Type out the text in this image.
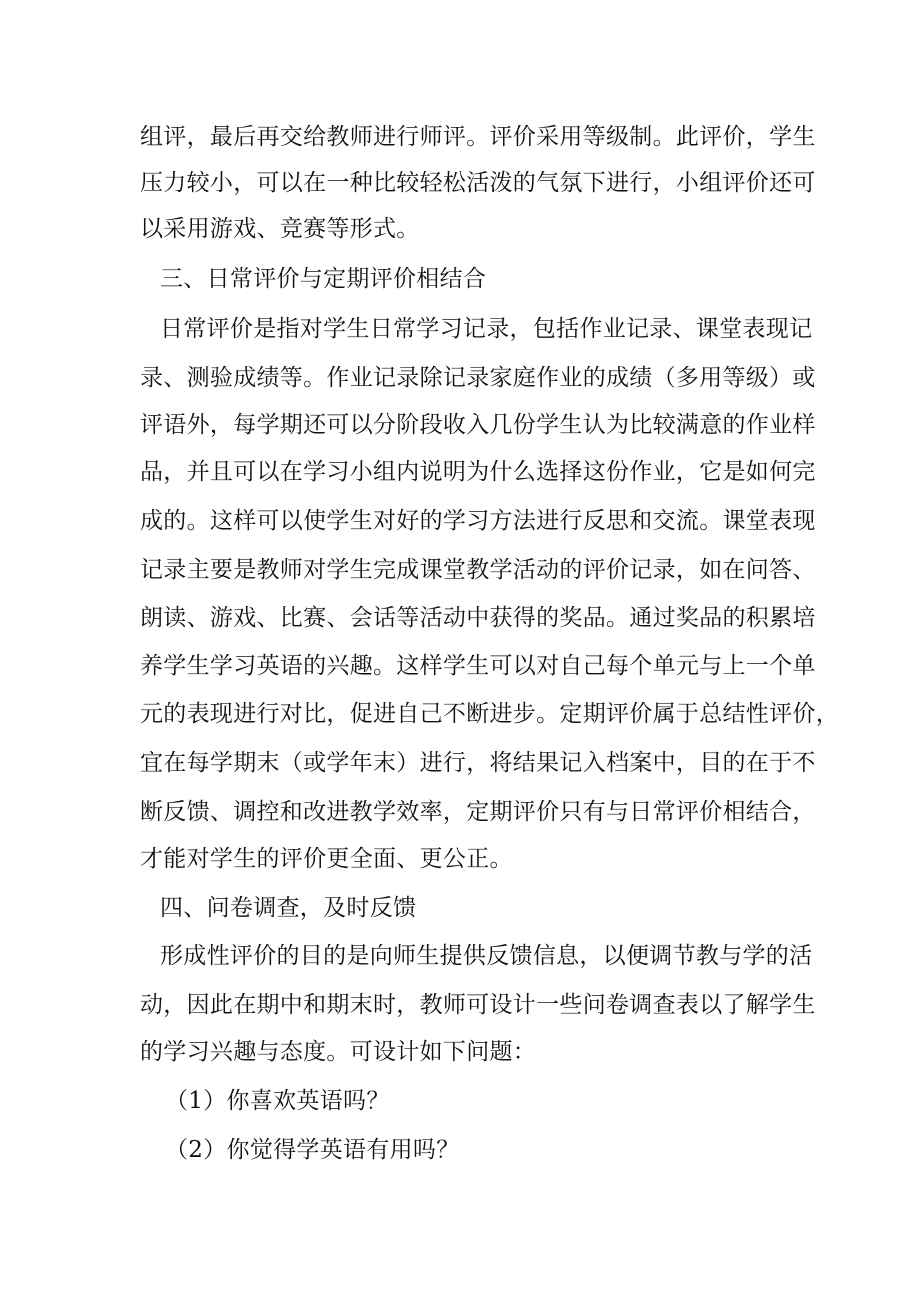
组评，最后再交给教师进行师评。评价采用等级制。此评价，学生
压力较小，可以在一种比较轻松活泼的气氛下进行，小组评价还可
以采用游戏、竞赛等形式。
三、日常评价与定期评价相结合
日常评价是指对学生日常学习记录，包括作业记录、课堂表现记
录、测验成绩等。作业记录除记录家庭作业的成绩（多用等级）或
评语外，每学期还可以分阶段收入几份学生认为比较满意的作业样
品，并且可以在学习小组内说明为什么选择这份作业，它是如何完
成的。这样可以使学生对好的学习方法进行反思和交流。课堂表现
记录主要是教师对学生完成课堂教学活动的评价记录，如在问答、
朗读、游戏、比赛、会话等活动中获得的奖品。通过奖品的积累培
养学生学习英语的兴趣。这样学生可以对自己每个单元与上一个单
元的表现进行对比，促进自己不断进步。定期评价属于总结性评价，
宜在每学期末（或学年末）进行，将结果记入档案中，目的在于不
断反馈、调控和改进教学效率，定期评价只有与日常评价相结合，
才能对学生的评价更全面、更公正。
四、问卷调查，及时反馈
形成性评价的目的是向师生提供反馈信息，以便调节教与学的活
动，因此在期中和期末时，教师可设计一些问卷调查表以了解学生
的学习兴趣与态度。可设计如下问题：
（1）你喜欢英语吗？
（2）你觉得学英语有用吗？
